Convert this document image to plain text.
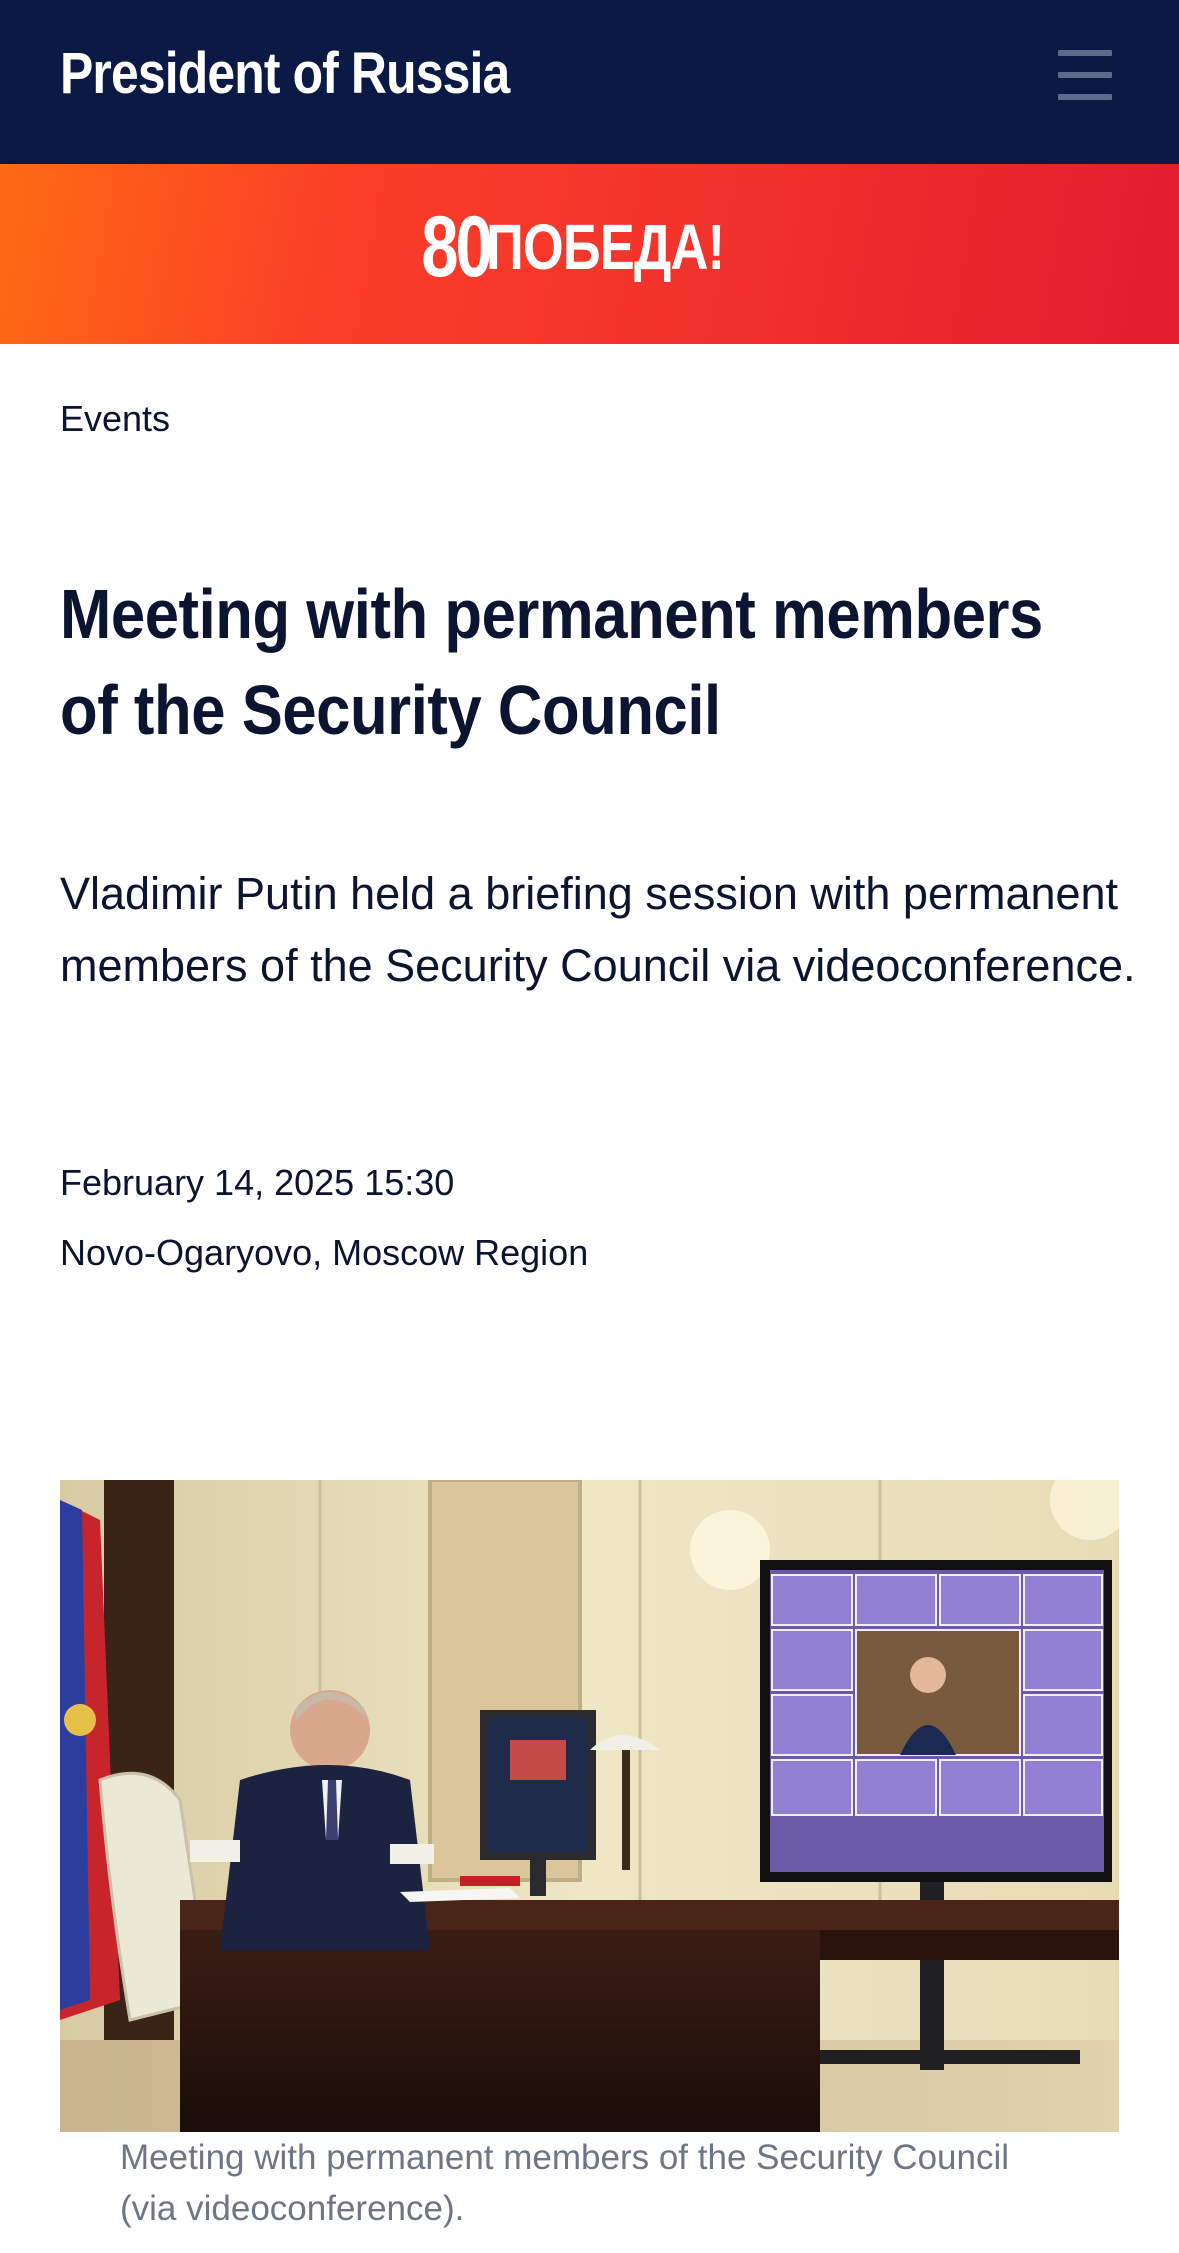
President of Russia
80 ПОБЕДА!
Events
Meeting with permanent members
of the Security Council

Vladimir Putin held a briefing session with permanent members of the Security Council via videoconference.

February 14, 2025 15:30
Novo-Ogaryovo, Moscow Region

Meeting with permanent members of the Security Council (via videoconference).
